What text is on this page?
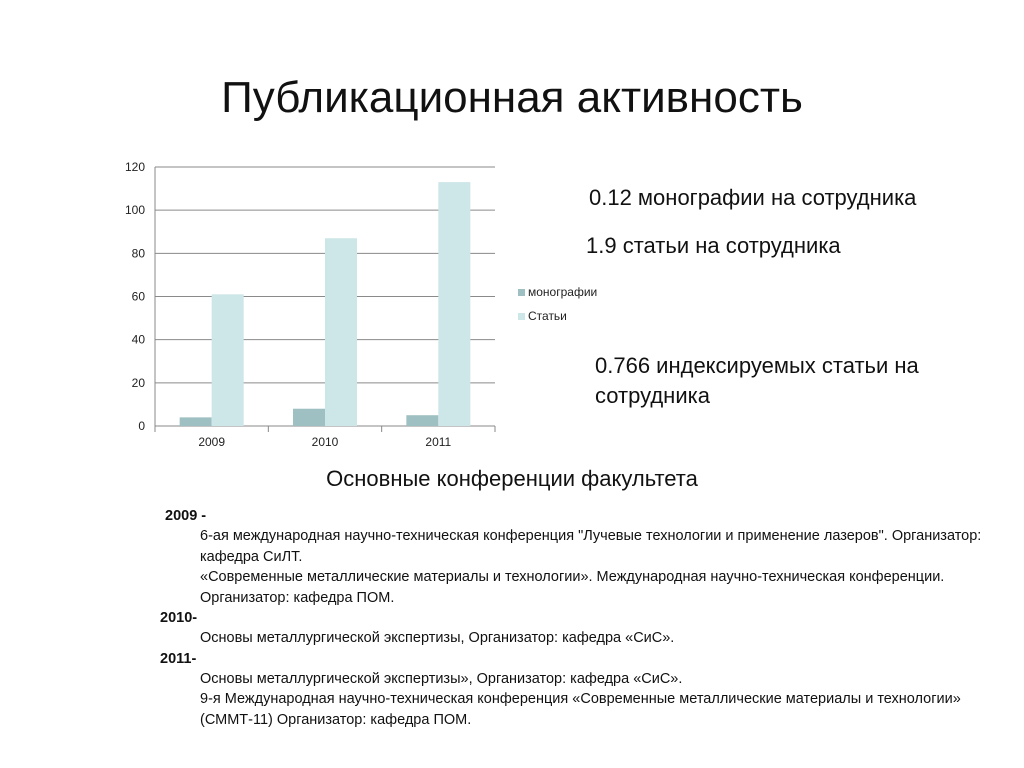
Публикационная активность
0
20
40
60
80
100
120
2009	2010	2011
монографии
Статьи
0.12 монографии на сотрудника
1.9 статьи на сотрудника
0.766 индексируемых статьи на сотрудника
Основные конференции факультета
2009 -
6-ая международная научно-техническая конференция "Лучевые технологии и применение лазеров". Организатор: кафедра СиЛТ.
«Современные металлические материалы и технологии». Международная научно-техническая конференции. Организатор: кафедра ПОМ.
2010-
Основы металлургической экспертизы, Организатор: кафедра «СиС».
2011-
Основы металлургической экспертизы», Организатор: кафедра «СиС».
9-я Международная научно-техническая конференция «Современные металлические материалы и технологии» (СММТ-11) Организатор: кафедра ПОМ.
